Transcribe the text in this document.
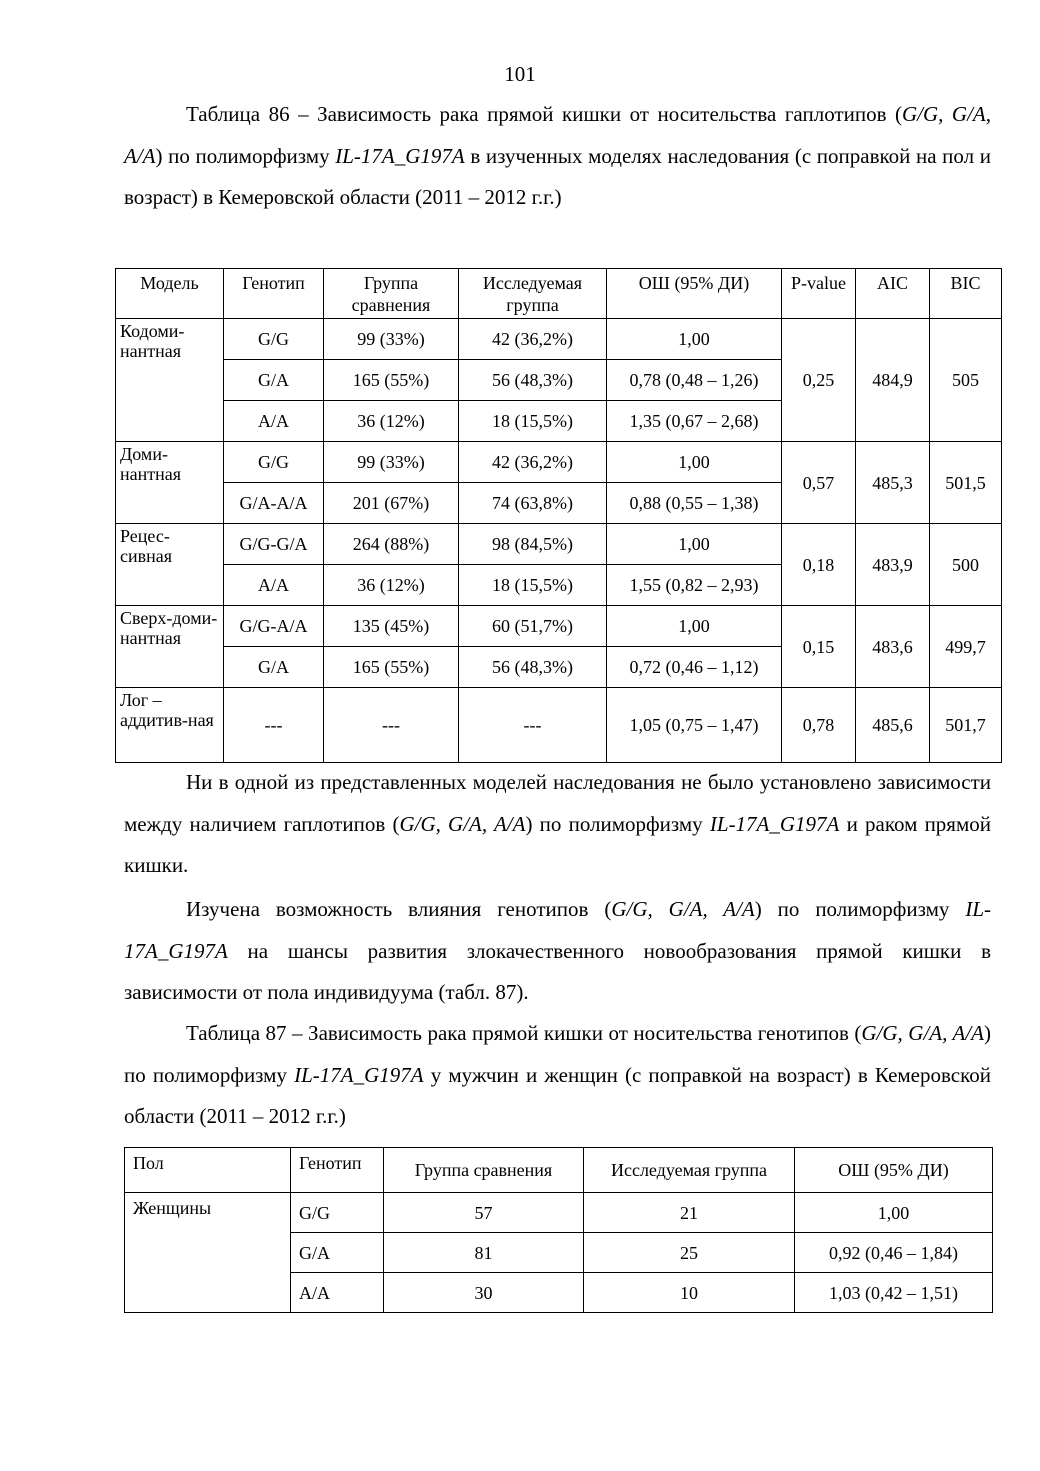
101

Таблица 86 – Зависимость рака прямой кишки от носительства гаплотипов (G/G, G/A, A/A) по полиморфизму IL-17A_G197A в изученных моделях наследования (с поправкой на пол и возраст) в Кемеровской области (2011 – 2012 г.г.)

Модель	Генотип	Группа сравнения	Исследуемая группа	ОШ (95% ДИ)	P-value	AIC	BIC
Кодоми-нантная	G/G	99 (33%)	42 (36,2%)	1,00	0,25	484,9	505
	G/A	165 (55%)	56 (48,3%)	0,78 (0,48 – 1,26)			
	A/A	36 (12%)	18 (15,5%)	1,35 (0,67 – 2,68)			
Доми-нантная	G/G	99 (33%)	42 (36,2%)	1,00	0,57	485,3	501,5
	G/A-A/A	201 (67%)	74 (63,8%)	0,88 (0,55 – 1,38)			
Рецес-сивная	G/G-G/A	264 (88%)	98 (84,5%)	1,00	0,18	483,9	500
	A/A	36 (12%)	18 (15,5%)	1,55 (0,82 – 2,93)			
Сверх-доми-нантная	G/G-A/A	135 (45%)	60 (51,7%)	1,00	0,15	483,6	499,7
	G/A	165 (55%)	56 (48,3%)	0,72 (0,46 – 1,12)			
Лог – аддитив-ная	---	---	---	1,05 (0,75 – 1,47)	0,78	485,6	501,7

Ни в одной из представленных моделей наследования не было установлено зависимости между наличием гаплотипов (G/G, G/A, A/A) по полиморфизму IL-17A_G197A и раком прямой кишки.

Изучена возможность влияния генотипов (G/G, G/A, A/A) по полиморфизму IL-17A_G197A на шансы развития злокачественного новообразования прямой кишки в зависимости от пола индивидуума (табл. 87).

Таблица 87 – Зависимость рака прямой кишки от носительства генотипов (G/G, G/A, A/A) по полиморфизму IL-17A_G197A у мужчин и женщин (с поправкой на возраст) в Кемеровской области (2011 – 2012 г.г.)

Пол	Генотип	Группа сравнения	Исследуемая группа	ОШ (95% ДИ)
Женщины	G/G	57	21	1,00
	G/A	81	25	0,92 (0,46 – 1,84)
	A/A	30	10	1,03 (0,42 – 1,51)
